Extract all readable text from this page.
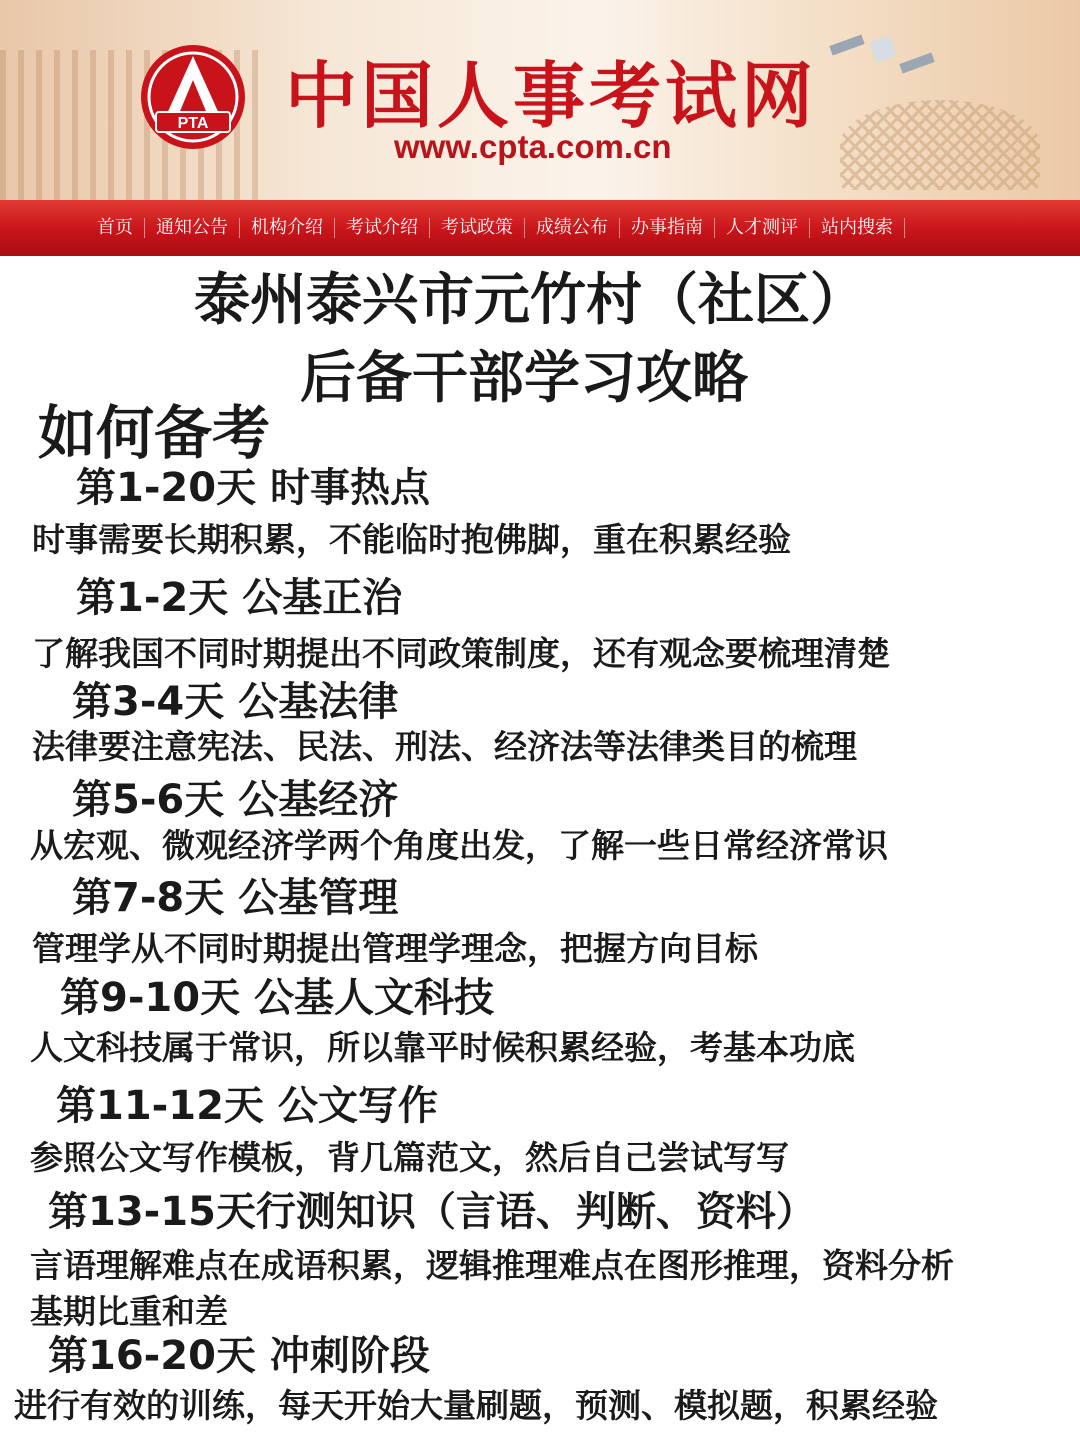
PTA 中国人事考试网
www.cpta.com.cn
首页	通知公告	机构介绍	考试介绍	考试政策	成绩公布	办事指南	人才测评	站内搜索
泰州泰兴市元竹村（社区）
后备干部学习攻略
如何备考
第1-20天 时事热点
时事需要长期积累，不能临时抱佛脚，重在积累经验
第1-2天 公基正治
了解我国不同时期提出不同政策制度，还有观念要梳理清楚
第3-4天 公基法律
法律要注意宪法、民法、刑法、经济法等法律类目的梳理
第5-6天 公基经济
从宏观、微观经济学两个角度出发，了解一些日常经济常识
第7-8天 公基管理
管理学从不同时期提出管理学理念，把握方向目标
第9-10天 公基人文科技
人文科技属于常识，所以靠平时候积累经验，考基本功底
第11-12天 公文写作
参照公文写作模板，背几篇范文，然后自己尝试写写
第13-15天行测知识（言语、判断、资料）
言语理解难点在成语积累，逻辑推理难点在图形推理，资料分析
基期比重和差
第16-20天 冲刺阶段
进行有效的训练，每天开始大量刷题，预测、模拟题，积累经验
